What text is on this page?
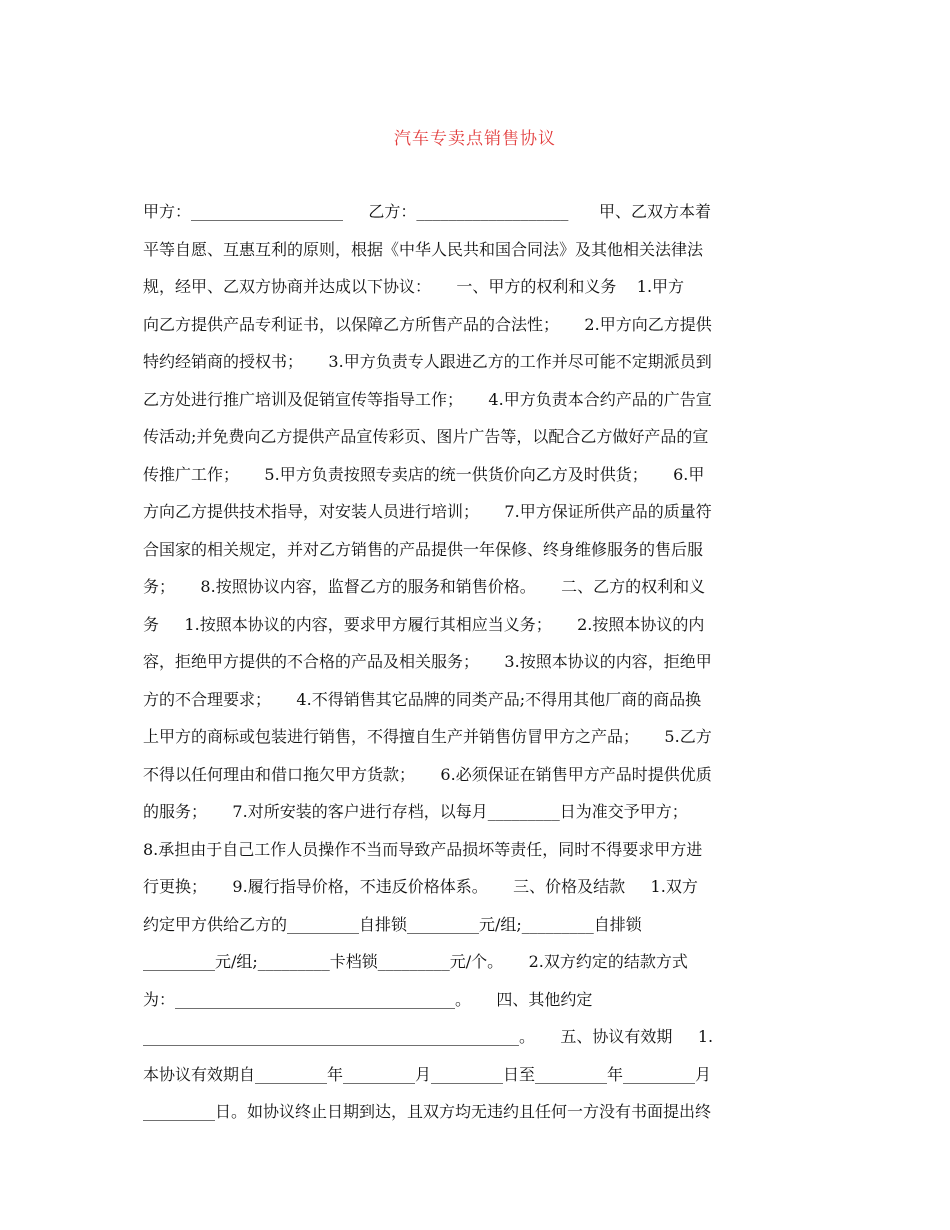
汽车专卖点销售协议
甲方：___________________     乙方：___________________      甲、乙双方本着
平等自愿、互惠互利的原则，根据《中华人民共和国合同法》及其他相关法律法
规，经甲、乙双方协商并达成以下协议：     一、甲方的权利和义务    1.甲方
向乙方提供产品专利证书，以保障乙方所售产品的合法性；     2.甲方向乙方提供
特约经销商的授权书；     3.甲方负责专人跟进乙方的工作并尽可能不定期派员到
乙方处进行推广培训及促销宣传等指导工作；     4.甲方负责本合约产品的广告宣
传活动;并免费向乙方提供产品宣传彩页、图片广告等，以配合乙方做好产品的宣
传推广工作；     5.甲方负责按照专卖店的统一供货价向乙方及时供货；     6.甲
方向乙方提供技术指导，对安装人员进行培训；     7.甲方保证所供产品的质量符
合国家的相关规定，并对乙方销售的产品提供一年保修、终身维修服务的售后服
务；     8.按照协议内容，监督乙方的服务和销售价格。     二、乙方的权利和义
务     1.按照本协议的内容，要求甲方履行其相应当义务；     2.按照本协议的内
容，拒绝甲方提供的不合格的产品及相关服务；     3.按照本协议的内容，拒绝甲
方的不合理要求；     4.不得销售其它品牌的同类产品;不得用其他厂商的商品换
上甲方的商标或包装进行销售，不得擅自生产并销售仿冒甲方之产品；     5.乙方
不得以任何理由和借口拖欠甲方货款；     6.必须保证在销售甲方产品时提供优质
的服务；     7.对所安装的客户进行存档，以每月_________日为准交予甲方；
8.承担由于自己工作人员操作不当而导致产品损坏等责任，同时不得要求甲方进
行更换；     9.履行指导价格，不违反价格体系。     三、价格及结款     1.双方
约定甲方供给乙方的_________自排锁_________元/组;_________自排锁
_________元/组;_________卡档锁_________元/个。     2.双方约定的结款方式
为：___________________________________。     四、其他约定
_______________________________________________。     五、协议有效期     1.
本协议有效期自_________年_________月_________日至_________年_________月
_________日。如协议终止日期到达，且双方均无违约且任何一方没有书面提出终
